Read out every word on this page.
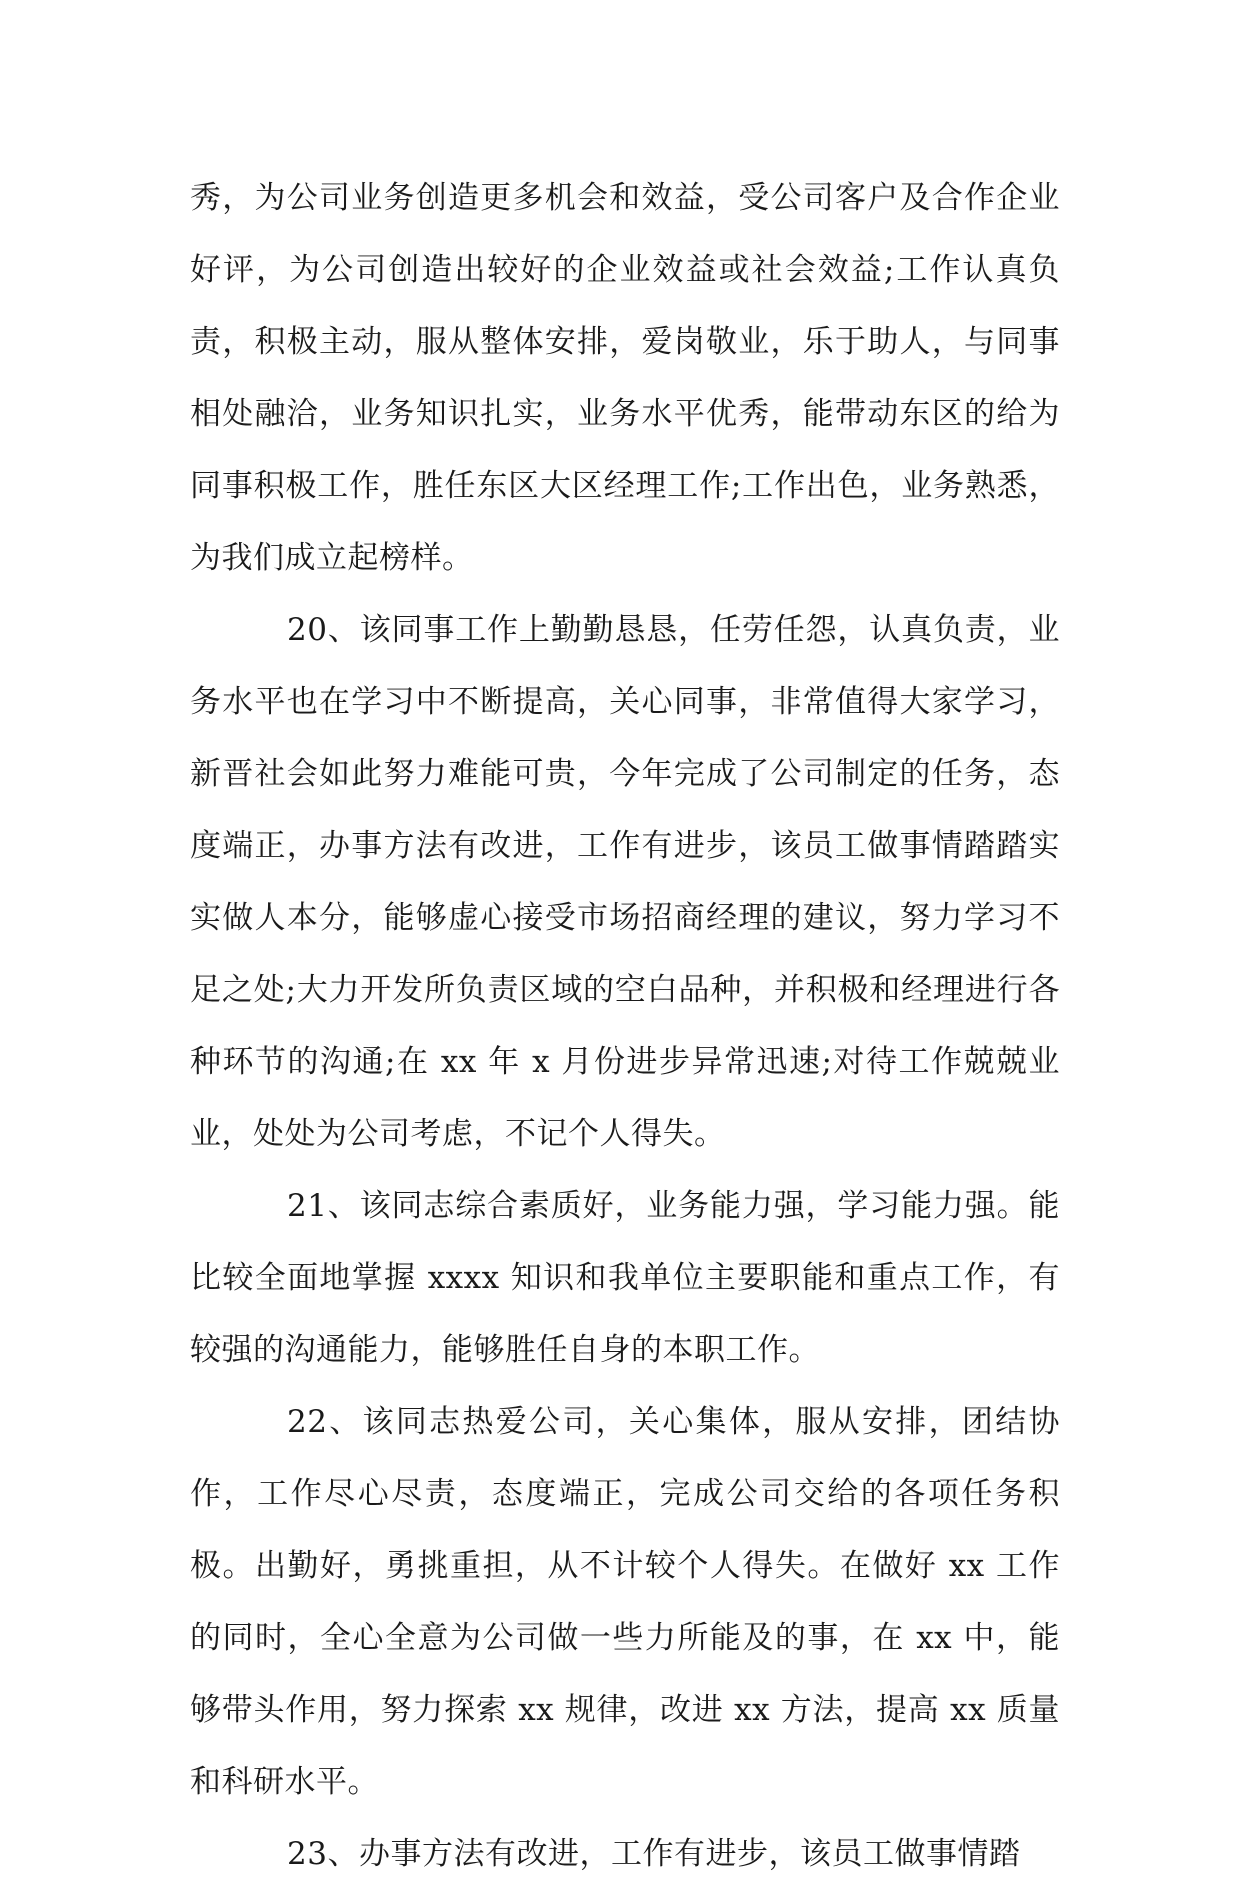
秀，为公司业务创造更多机会和效益，受公司客户及合作企业好评，为公司创造出较好的企业效益或社会效益;工作认真负责，积极主动，服从整体安排，爱岗敬业，乐于助人，与同事相处融洽，业务知识扎实，业务水平优秀，能带动东区的给为同事积极工作，胜任东区大区经理工作;工作出色，业务熟悉，为我们成立起榜样。

20、该同事工作上勤勤恳恳，任劳任怨，认真负责，业务水平也在学习中不断提高，关心同事，非常值得大家学习，新晋社会如此努力难能可贵，今年完成了公司制定的任务，态度端正，办事方法有改进，工作有进步，该员工做事情踏踏实实做人本分，能够虚心接受市场招商经理的建议，努力学习不足之处;大力开发所负责区域的空白品种，并积极和经理进行各种环节的沟通;在 xx 年 x 月份进步异常迅速;对待工作兢兢业业，处处为公司考虑，不记个人得失。

21、该同志综合素质好，业务能力强，学习能力强。能比较全面地掌握 xxxx 知识和我单位主要职能和重点工作，有较强的沟通能力，能够胜任自身的本职工作。

22、该同志热爱公司，关心集体，服从安排，团结协作，工作尽心尽责，态度端正，完成公司交给的各项任务积极。出勤好，勇挑重担，从不计较个人得失。在做好 xx 工作的同时，全心全意为公司做一些力所能及的事，在 xx 中，能够带头作用，努力探索 xx 规律，改进 xx 方法，提高 xx 质量和科研水平。

23、办事方法有改进，工作有进步，该员工做事情踏
